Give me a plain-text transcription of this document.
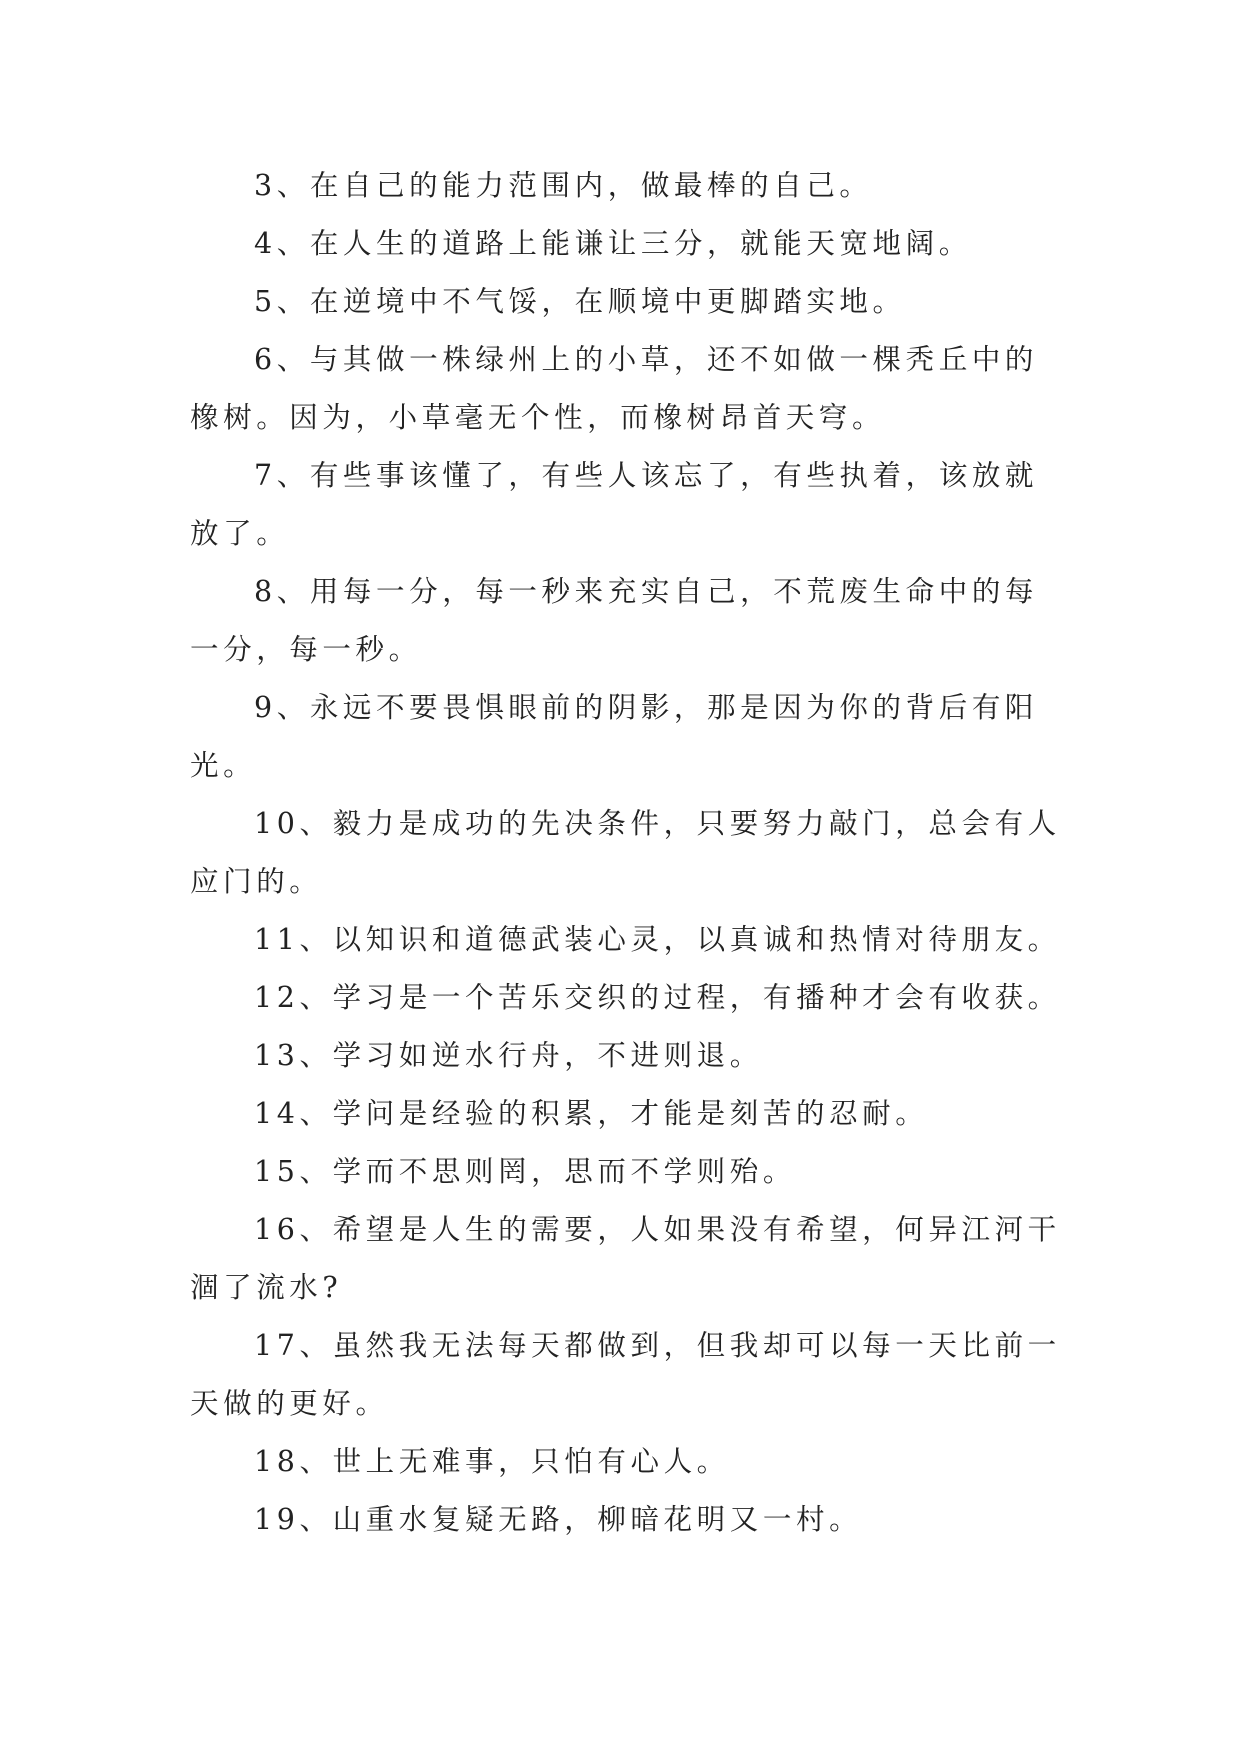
3、在自己的能力范围内，做最棒的自己。

4、在人生的道路上能谦让三分，就能天宽地阔。

5、在逆境中不气馁，在顺境中更脚踏实地。

6、与其做一株绿州上的小草，还不如做一棵秃丘中的橡树。因为，小草毫无个性，而橡树昂首天穹。

7、有些事该懂了，有些人该忘了，有些执着，该放就放了。

8、用每一分，每一秒来充实自己，不荒废生命中的每一分，每一秒。

9、永远不要畏惧眼前的阴影，那是因为你的背后有阳光。

10、毅力是成功的先决条件，只要努力敲门，总会有人应门的。

11、以知识和道德武装心灵，以真诚和热情对待朋友。

12、学习是一个苦乐交织的过程，有播种才会有收获。

13、学习如逆水行舟，不进则退。

14、学问是经验的积累，才能是刻苦的忍耐。

15、学而不思则罔，思而不学则殆。

16、希望是人生的需要，人如果没有希望，何异江河干涸了流水?

17、虽然我无法每天都做到，但我却可以每一天比前一天做的更好。

18、世上无难事，只怕有心人。

19、山重水复疑无路，柳暗花明又一村。
